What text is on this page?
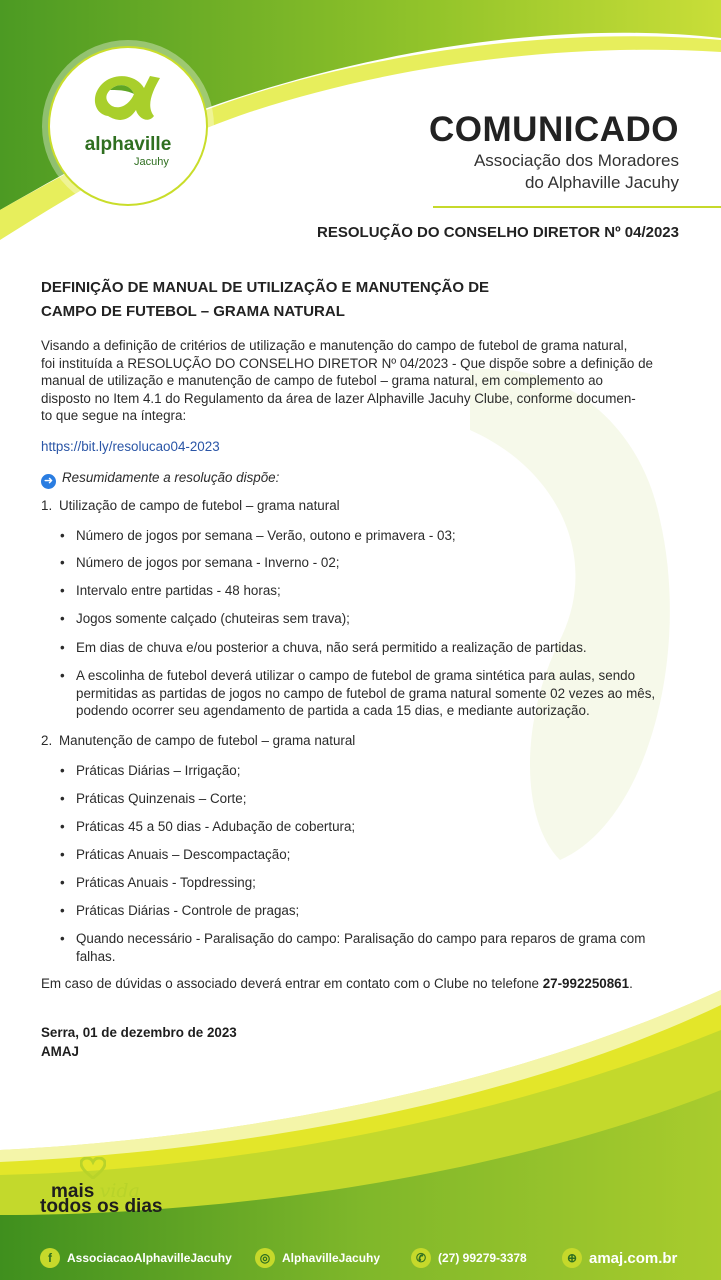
alphaville
Jacuhy
COMUNICADO
Associação dos Moradores
do Alphaville Jacuhy
RESOLUÇÃO DO CONSELHO DIRETOR Nº 04/2023
DEFINIÇÃO DE MANUAL DE UTILIZAÇÃO E MANUTENÇÃO DE
CAMPO DE FUTEBOL – GRAMA NATURAL
Visando a definição de critérios de utilização e manutenção do campo de futebol de grama natural,
foi instituída a RESOLUÇÃO DO CONSELHO DIRETOR Nº 04/2023 - Que dispõe sobre a definição de
manual de utilização e manutenção de campo de futebol – grama natural, em complemento ao
disposto no Item 4.1 do Regulamento da área de lazer Alphaville Jacuhy Clube, conforme documen-
to que segue na íntegra:
https://bit.ly/resolucao04-2023
➜ Resumidamente a resolução dispõe:
1. Utilização de campo de futebol – grama natural
• Número de jogos por semana – Verão, outono e primavera - 03;
• Número de jogos por semana - Inverno - 02;
• Intervalo entre partidas - 48 horas;
• Jogos somente calçado (chuteiras sem trava);
• Em dias de chuva e/ou posterior a chuva, não será permitido a realização de partidas.
• A escolinha de futebol deverá utilizar o campo de futebol de grama sintética para aulas, sendo permitidas as partidas de jogos no campo de futebol de grama natural somente 02 vezes ao mês, podendo ocorrer seu agendamento de partida a cada 15 dias, e mediante autorização.
2. Manutenção de campo de futebol – grama natural
• Práticas Diárias – Irrigação;
• Práticas Quinzenais – Corte;
• Práticas 45 a 50 dias - Adubação de cobertura;
• Práticas Anuais – Descompactação;
• Práticas Anuais - Topdressing;
• Práticas Diárias - Controle de pragas;
• Quando necessário - Paralisação do campo: Paralisação do campo para reparos de grama com falhas.
Em caso de dúvidas o associado deverá entrar em contato com o Clube no telefone 27-992250861.
Serra, 01 de dezembro de 2023
AMAJ
mais vida
todos os dias
f	AssociacaoAlphavilleJacuhy	◎ AlphavilleJacuhy	✆ (27) 99279-3378	⊕ amaj.com.br
